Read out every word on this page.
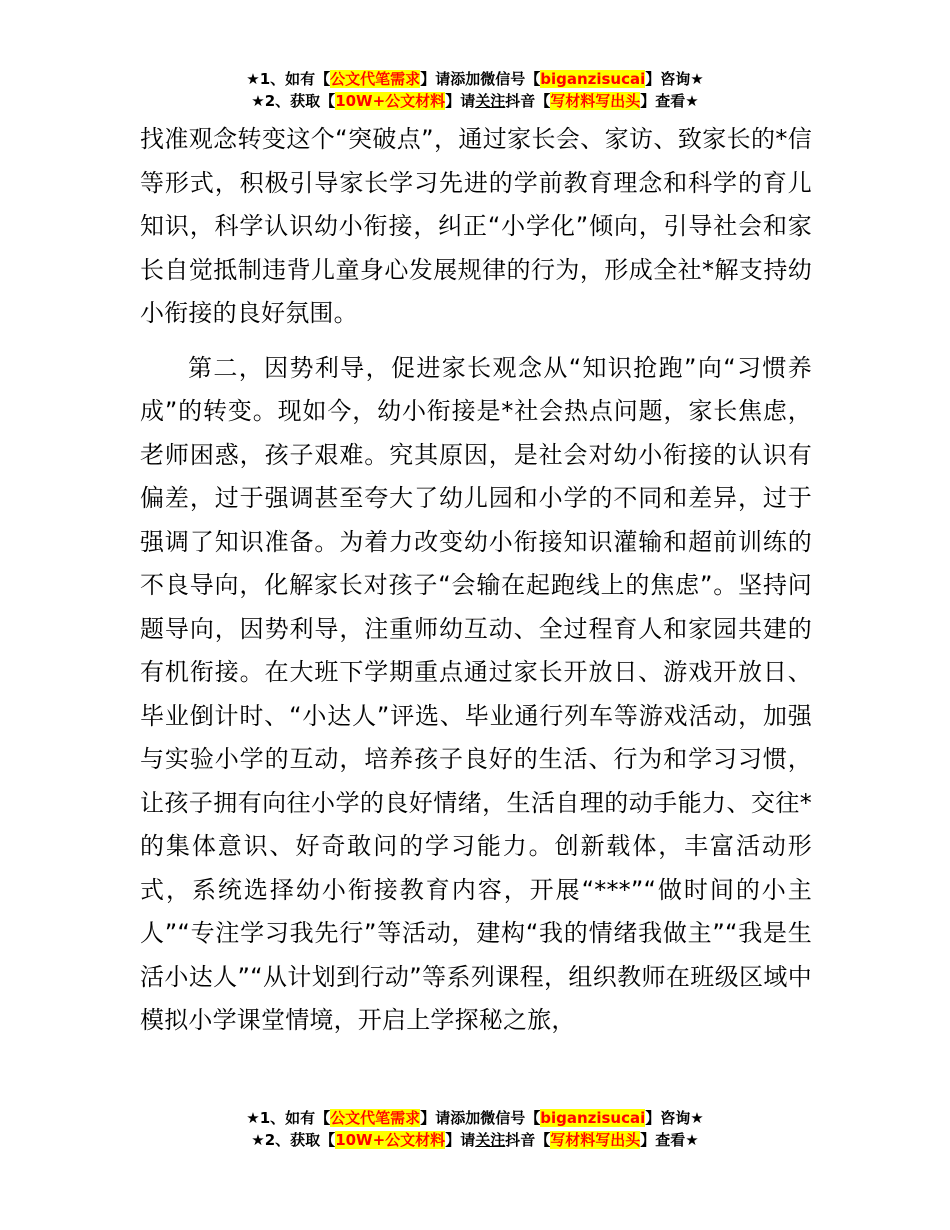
★1、如有【公文代笔需求】请添加微信号【biganzisucai】咨询★
★2、获取【10W+公文材料】请关注抖音【写材料写出头】查看★

找准观念转变这个“突破点”，通过家长会、家访、致家长的*信等形式，积极引导家长学习先进的学前教育理念和科学的育儿知识，科学认识幼小衔接，纠正“小学化”倾向，引导社会和家长自觉抵制违背儿童身心发展规律的行为，形成全社*解支持幼小衔接的良好氛围。

第二，因势利导，促进家长观念从“知识抢跑”向“习惯养成”的转变。现如今，幼小衔接是*社会热点问题，家长焦虑，老师困惑，孩子艰难。究其原因，是社会对幼小衔接的认识有偏差，过于强调甚至夸大了幼儿园和小学的不同和差异，过于强调了知识准备。为着力改变幼小衔接知识灌输和超前训练的不良导向，化解家长对孩子“会输在起跑线上的焦虑”。坚持问题导向，因势利导，注重师幼互动、全过程育人和家园共建的有机衔接。在大班下学期重点通过家长开放日、游戏开放日、毕业倒计时、“小达人”评选、毕业通行列车等游戏活动，加强与实验小学的互动，培养孩子良好的生活、行为和学习习惯，让孩子拥有向往小学的良好情绪，生活自理的动手能力、交往*的集体意识、好奇敢问的学习能力。创新载体，丰富活动形式，系统选择幼小衔接教育内容，开展“***”“做时间的小主人”“专注学习我先行”等活动，建构“我的情绪我做主”“我是生活小达人”“从计划到行动”等系列课程，组织教师在班级区域中模拟小学课堂情境，开启上学探秘之旅，

★1、如有【公文代笔需求】请添加微信号【biganzisucai】咨询★
★2、获取【10W+公文材料】请关注抖音【写材料写出头】查看★
